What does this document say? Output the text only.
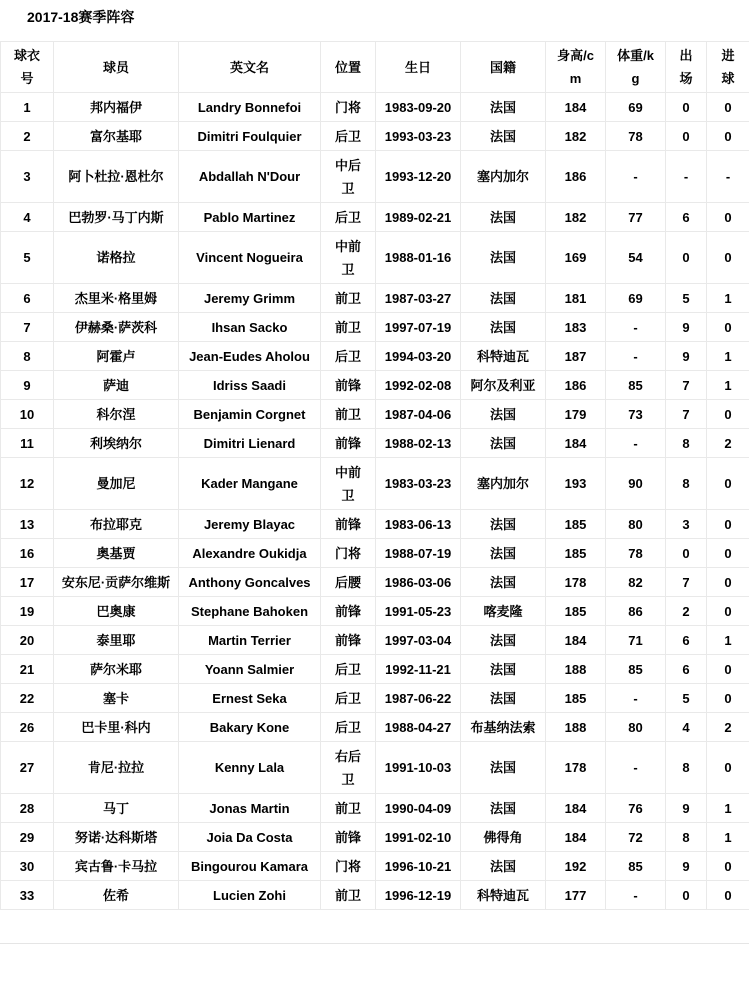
2017-18赛季阵容
球衣号	球员	英文名	位置	生日	国籍	身高/cm	体重/kg	出场	进球
1	邦内福伊	Landry Bonnefoi	门将	1983-09-20	法国	184	69	0	0
2	富尔基耶	Dimitri Foulquier	后卫	1993-03-23	法国	182	78	0	0
3	阿卜杜拉·恩杜尔	Abdallah N'Dour	中后卫	1993-12-20	塞内加尔	186	-	-	-
4	巴勃罗·马丁内斯	Pablo Martinez	后卫	1989-02-21	法国	182	77	6	0
5	诺格拉	Vincent Nogueira	中前卫	1988-01-16	法国	169	54	0	0
6	杰里米·格里姆	Jeremy Grimm	前卫	1987-03-27	法国	181	69	5	1
7	伊赫桑·萨茨科	Ihsan Sacko	前卫	1997-07-19	法国	183	-	9	0
8	阿霍卢	Jean-Eudes Aholou	后卫	1994-03-20	科特迪瓦	187	-	9	1
9	萨迪	Idriss Saadi	前锋	1992-02-08	阿尔及利亚	186	85	7	1
10	科尔涅	Benjamin Corgnet	前卫	1987-04-06	法国	179	73	7	0
11	利埃纳尔	Dimitri Lienard	前锋	1988-02-13	法国	184	-	8	2
12	曼加尼	Kader Mangane	中前卫	1983-03-23	塞内加尔	193	90	8	0
13	布拉耶克	Jeremy Blayac	前锋	1983-06-13	法国	185	80	3	0
16	奥基贾	Alexandre Oukidja	门将	1988-07-19	法国	185	78	0	0
17	安东尼·贡萨尔维斯	Anthony Goncalves	后腰	1986-03-06	法国	178	82	7	0
19	巴奥康	Stephane Bahoken	前锋	1991-05-23	喀麦隆	185	86	2	0
20	泰里耶	Martin Terrier	前锋	1997-03-04	法国	184	71	6	1
21	萨尔米耶	Yoann Salmier	后卫	1992-11-21	法国	188	85	6	0
22	塞卡	Ernest Seka	后卫	1987-06-22	法国	185	-	5	0
26	巴卡里·科内	Bakary Kone	后卫	1988-04-27	布基纳法索	188	80	4	2
27	肯尼·拉拉	Kenny Lala	右后卫	1991-10-03	法国	178	-	8	0
28	马丁	Jonas Martin	前卫	1990-04-09	法国	184	76	9	1
29	努诺·达科斯塔	Joia Da Costa	前锋	1991-02-10	佛得角	184	72	8	1
30	宾古鲁·卡马拉	Bingourou Kamara	门将	1996-10-21	法国	192	85	9	0
33	佐希	Lucien Zohi	前卫	1996-12-19	科特迪瓦	177	-	0	0
